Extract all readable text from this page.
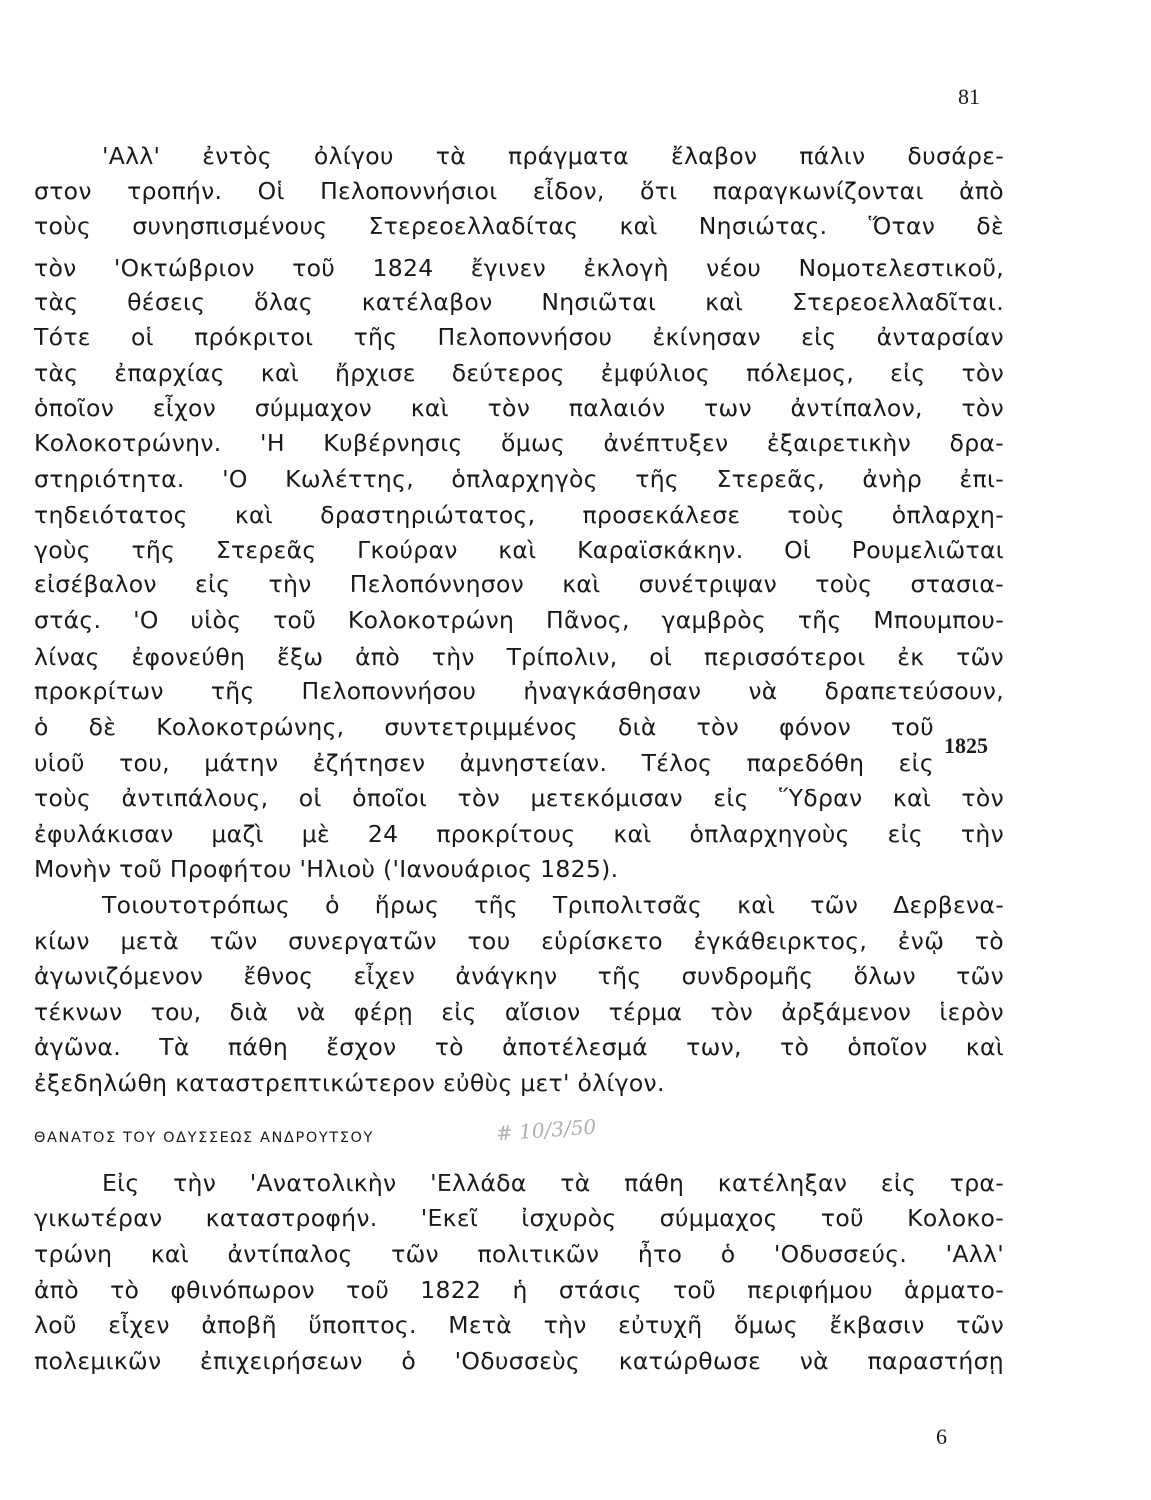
81
'Αλλ' ἐντὸς ὀλίγου τὰ πράγματα ἔλαβον πάλιν δυσάρε-
στον τροπήν. Οἱ Πελοποννήσιοι εἶδον, ὅτι παραγκωνίζονται ἀπὸ
τοὺς συνησπισμένους Στερεοελλαδίτας καὶ Νησιώτας. Ὅταν δὲ
τὸν 'Οκτώβριον τοῦ 1824 ἔγινεν ἐκλογὴ νέου Νομοτελεστικοῦ,
τὰς θέσεις ὅλας κατέλαβον Νησιῶται καὶ Στερεοελλαδῖται.
Τότε οἱ πρόκριτοι τῆς Πελοποννήσου ἐκίνησαν εἰς ἀνταρσίαν
τὰς ἐπαρχίας καὶ ἤρχισε δεύτερος ἐμφύλιος πόλεμος, εἰς τὸν
ὁποῖον εἶχον σύμμαχον καὶ τὸν παλαιόν των ἀντίπαλον, τὸν
Κολοκοτρώνην. 'Η Κυβέρνησις ὅμως ἀνέπτυξεν ἐξαιρετικὴν δρα-
στηριότητα. 'Ο Κωλέττης, ὁπλαρχηγὸς τῆς Στερεᾶς, ἀνὴρ ἐπι-
τηδειότατος καὶ δραστηριώτατος, προσεκάλεσε τοὺς ὁπλαρχη-
γοὺς τῆς Στερεᾶς Γκούραν καὶ Καραϊσκάκην. Οἱ Ρουμελιῶται
εἰσέβαλον εἰς τὴν Πελοπόννησον καὶ συνέτριψαν τοὺς στασια-
στάς. 'Ο υἱὸς τοῦ Κολοκοτρώνη Πᾶνος, γαμβρὸς τῆς Μπουμπου-
λίνας ἐφονεύθη ἔξω ἀπὸ τὴν Τρίπολιν, οἱ περισσότεροι ἐκ τῶν
προκρίτων τῆς Πελοποννήσου ἠναγκάσθησαν νὰ δραπετεύσουν,
ὁ δὲ Κολοκοτρώνης, συντετριμμένος διὰ τὸν φόνον τοῦ
υἱοῦ του, μάτην ἐζήτησεν ἀμνηστείαν. Τέλος παρεδόθη εἰς
τοὺς ἀντιπάλους, οἱ ὁποῖοι τὸν μετεκόμισαν εἰς Ὕδραν καὶ τὸν
ἐφυλάκισαν μαζὶ μὲ 24 προκρίτους καὶ ὁπλαρχηγοὺς εἰς τὴν
Μονὴν τοῦ Προφήτου 'Ηλιοὺ ('Ιανουάριος 1825).
1825
Τοιουτοτρόπως ὁ ἥρως τῆς Τριπολιτσᾶς καὶ τῶν Δερβενα-
κίων μετὰ τῶν συνεργατῶν του εὑρίσκετο ἐγκάθειρκτος, ἐνῷ τὸ
ἀγωνιζόμενον ἔθνος εἶχεν ἀνάγκην τῆς συνδρομῆς ὅλων τῶν
τέκνων του, διὰ νὰ φέρῃ εἰς αἴσιον τέρμα τὸν ἀρξάμενον ἱερὸν
ἀγῶνα. Τὰ πάθη ἔσχον τὸ ἀποτέλεσμά των, τὸ ὁποῖον καὶ
ἐξεδηλώθη καταστρεπτικώτερον εὐθὺς μετ' ὀλίγον.
ΘΑΝΑΤΟΣ ΤΟΥ ΟΔΥΣΣΕΩΣ ΑΝΔΡΟΥΤΣΟΥ	# 10/3/50
Εἰς τὴν 'Ανατολικὴν 'Ελλάδα τὰ πάθη κατέληξαν εἰς τρα-
γικωτέραν καταστροφήν. 'Εκεῖ ἰσχυρὸς σύμμαχος τοῦ Κολοκο-
τρώνη καὶ ἀντίπαλος τῶν πολιτικῶν ἦτο ὁ 'Οδυσσεύς. 'Αλλ'
ἀπὸ τὸ φθινόπωρον τοῦ 1822 ἡ στάσις τοῦ περιφήμου ἁρματο-
λοῦ εἶχεν ἀποβῆ ὕποπτος. Μετὰ τὴν εὐτυχῆ ὅμως ἔκβασιν τῶν
πολεμικῶν ἐπιχειρήσεων ὁ 'Οδυσσεὺς κατώρθωσε νὰ παραστήσῃ
6
